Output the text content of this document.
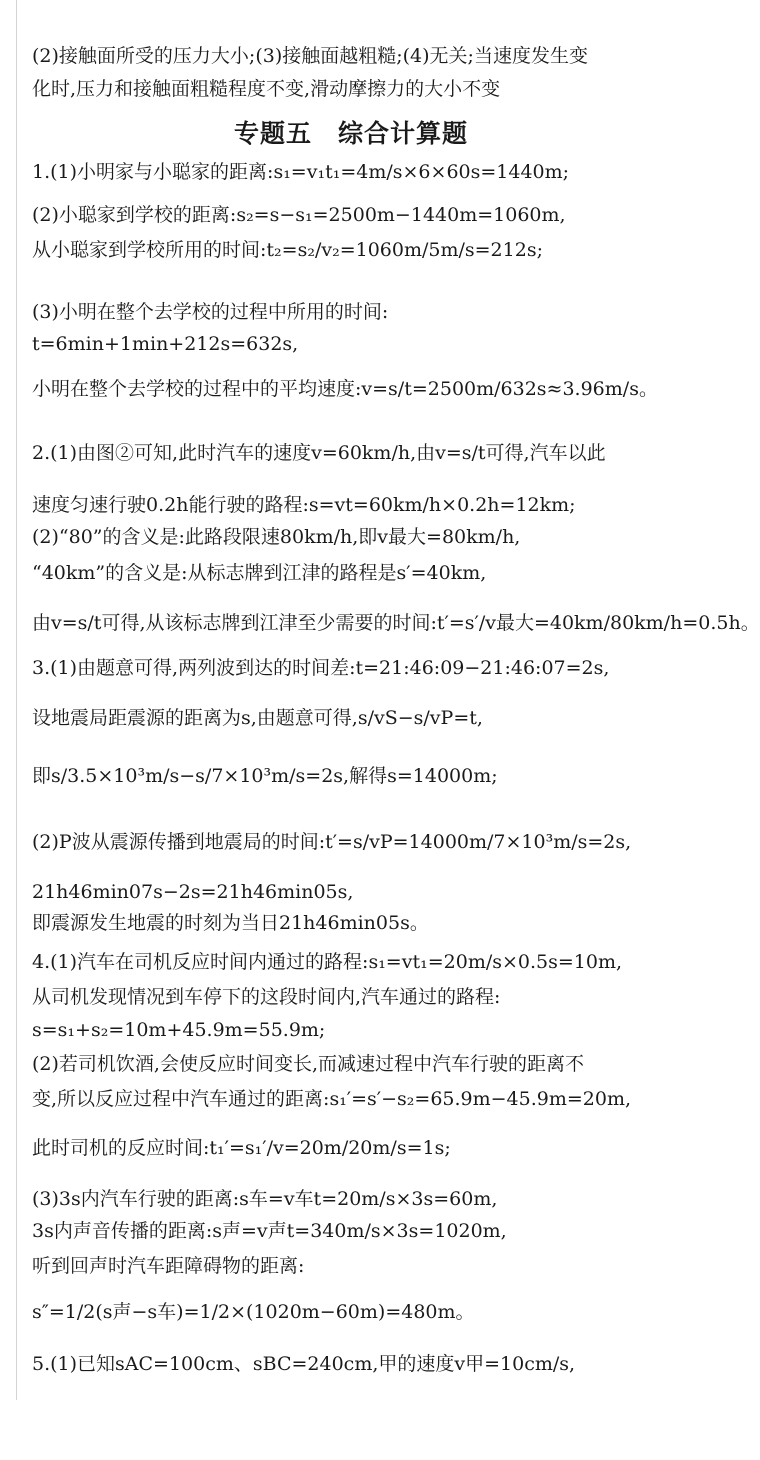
(2)接触面所受的压力大小;(3)接触面越粗糙;(4)无关;当速度发生变
化时,压力和接触面粗糙程度不变,滑动摩擦力的大小不变
专题五　综合计算题
1.(1)小明家与小聪家的距离:s₁=v₁t₁=4m/s×6×60s=1440m;
(2)小聪家到学校的距离:s₂=s−s₁=2500m−1440m=1060m,
从小聪家到学校所用的时间:t₂=s₂/v₂=1060m/5m/s=212s;
(3)小明在整个去学校的过程中所用的时间:
t=6min+1min+212s=632s,
小明在整个去学校的过程中的平均速度:v=s/t=2500m/632s≈3.96m/s。
2.(1)由图②可知,此时汽车的速度v=60km/h,由v=s/t可得,汽车以此
速度匀速行驶0.2h能行驶的路程:s=vt=60km/h×0.2h=12km;
(2)“80”的含义是:此路段限速80km/h,即v最大=80km/h,
“40km”的含义是:从标志牌到江津的路程是s′=40km,
由v=s/t可得,从该标志牌到江津至少需要的时间:t′=s′/v最大=40km/80km/h=0.5h。
3.(1)由题意可得,两列波到达的时间差:t=21:46:09−21:46:07=2s,
设地震局距震源的距离为s,由题意可得,s/vS−s/vP=t,
即s/3.5×10³m/s−s/7×10³m/s=2s,解得s=14000m;
(2)P波从震源传播到地震局的时间:t′=s/vP=14000m/7×10³m/s=2s,
21h46min07s−2s=21h46min05s,
即震源发生地震的时刻为当日21h46min05s。
4.(1)汽车在司机反应时间内通过的路程:s₁=vt₁=20m/s×0.5s=10m,
从司机发现情况到车停下的这段时间内,汽车通过的路程:
s=s₁+s₂=10m+45.9m=55.9m;
(2)若司机饮酒,会使反应时间变长,而减速过程中汽车行驶的距离不
变,所以反应过程中汽车通过的距离:s₁′=s′−s₂=65.9m−45.9m=20m,
此时司机的反应时间:t₁′=s₁′/v=20m/20m/s=1s;
(3)3s内汽车行驶的距离:s车=v车t=20m/s×3s=60m,
3s内声音传播的距离:s声=v声t=340m/s×3s=1020m,
听到回声时汽车距障碍物的距离:
s″=1/2(s声−s车)=1/2×(1020m−60m)=480m。
5.(1)已知sAC=100cm、sBC=240cm,甲的速度v甲=10cm/s,
